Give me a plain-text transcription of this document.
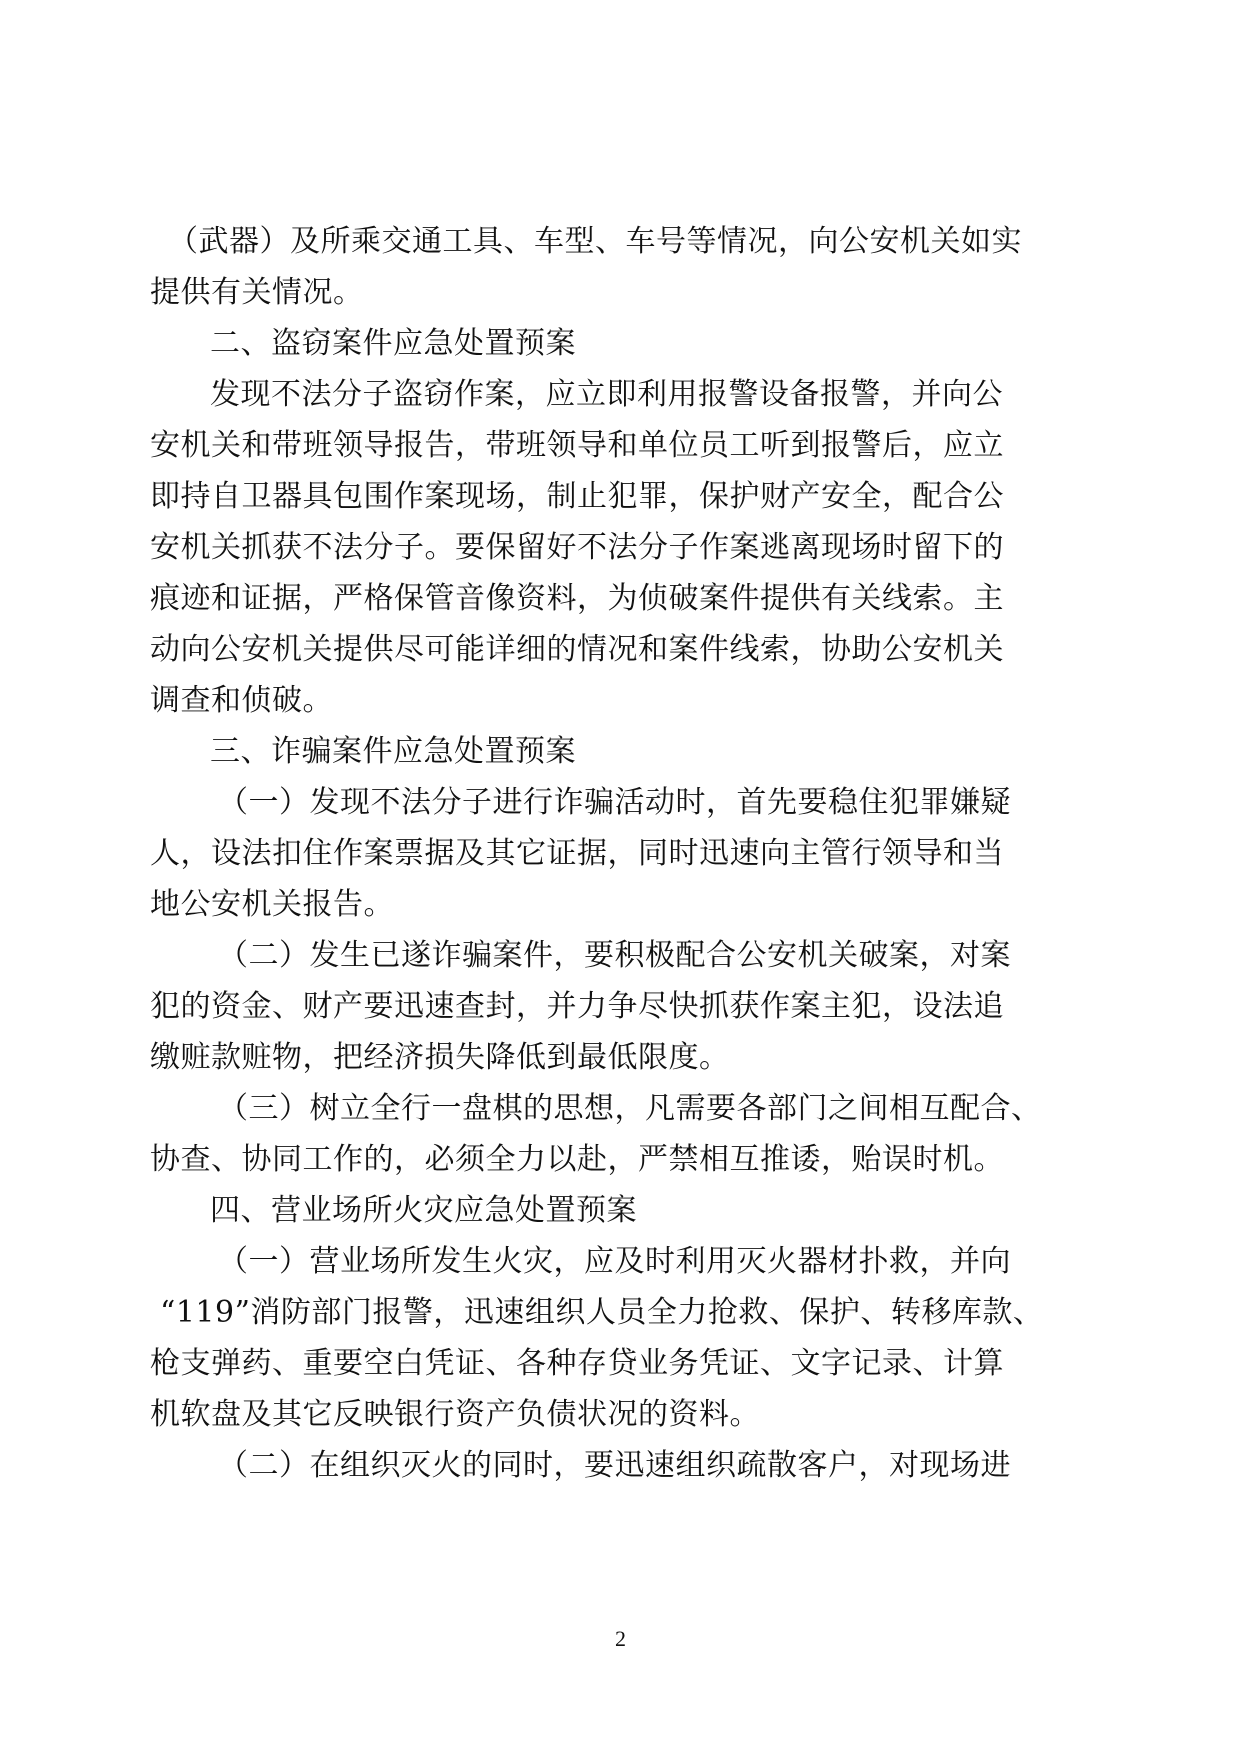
（武器）及所乘交通工具、车型、车号等情况，向公安机关如实
提供有关情况。
二、盗窃案件应急处置预案
发现不法分子盗窃作案，应立即利用报警设备报警，并向公
安机关和带班领导报告，带班领导和单位员工听到报警后，应立
即持自卫器具包围作案现场，制止犯罪，保护财产安全，配合公
安机关抓获不法分子。要保留好不法分子作案逃离现场时留下的
痕迹和证据，严格保管音像资料，为侦破案件提供有关线索。主
动向公安机关提供尽可能详细的情况和案件线索，协助公安机关
调查和侦破。
三、诈骗案件应急处置预案
（一）发现不法分子进行诈骗活动时，首先要稳住犯罪嫌疑
人，设法扣住作案票据及其它证据，同时迅速向主管行领导和当
地公安机关报告。
（二）发生已遂诈骗案件，要积极配合公安机关破案，对案
犯的资金、财产要迅速查封，并力争尽快抓获作案主犯，设法追
缴赃款赃物，把经济损失降低到最低限度。
（三）树立全行一盘棋的思想，凡需要各部门之间相互配合、
协查、协同工作的，必须全力以赴，严禁相互推诿，贻误时机。
四、营业场所火灾应急处置预案
（一）营业场所发生火灾，应及时利用灭火器材扑救，并向
“119”消防部门报警，迅速组织人员全力抢救、保护、转移库款、
枪支弹药、重要空白凭证、各种存贷业务凭证、文字记录、计算
机软盘及其它反映银行资产负债状况的资料。
（二）在组织灭火的同时，要迅速组织疏散客户，对现场进
2
